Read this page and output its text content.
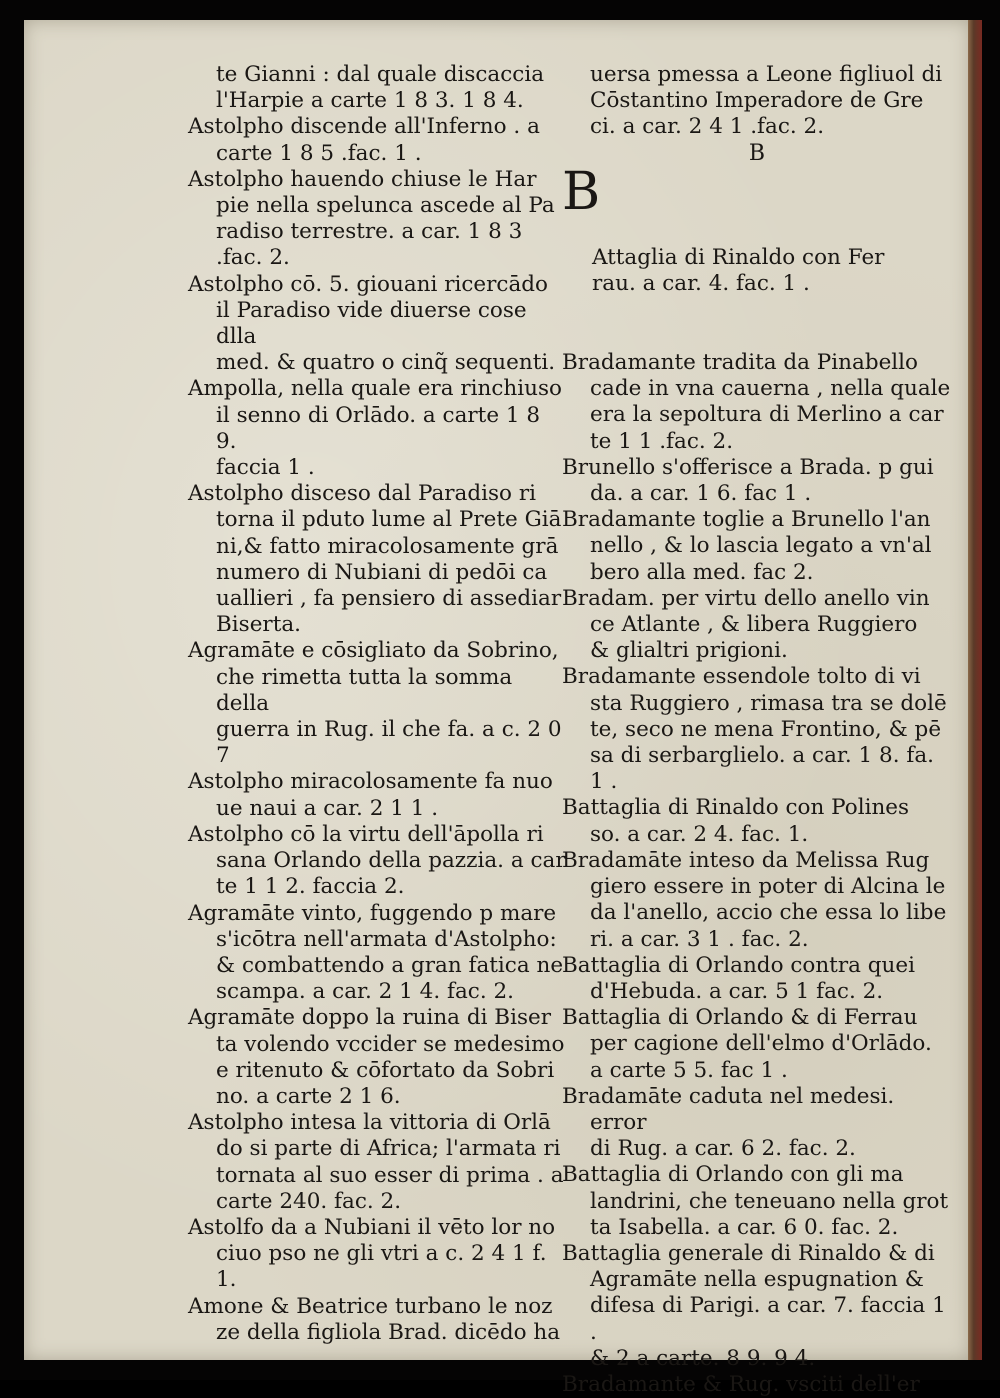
te Gianni : dal quale discaccia
l'Harpie a carte 1 8 3. 1 8 4.
Astolpho discende all'Inferno . a
carte 1 8 5 .fac. 1 .
Astolpho hauendo chiuse le Har
pie nella spelunca ascede al Pa
radiso terrestre. a car. 1 8 3 .fac. 2.
Astolpho cō. 5. giouani ricercādo
il Paradiso vide diuerse cose dlla
med. & quatro o cinq̃ sequenti.
Ampolla, nella quale era rinchiuso
il senno di Orlādo. a carte 1 8 9.
faccia 1 .
Astolpho disceso dal Paradiso ri
torna il pduto lume al Prete Giā
ni,& fatto miracolosamente grā
numero di Nubiani di pedōi ca
uallieri , fa pensiero di assediar
Biserta.
Agramāte e cōsigliato da Sobrino,
che rimetta tutta la somma della
guerra in Rug. il che fa. a c. 2 0 7
Astolpho miracolosamente fa nuo
ue naui a car. 2 1 1 .
Astolpho cō la virtu dell'āpolla ri
sana Orlando della pazzia. a car
te 1 1 2. faccia 2.
Agramāte vinto, fuggendo p mare
s'icōtra nell'armata d'Astolpho:
& combattendo a gran fatica ne
scampa. a car. 2 1 4. fac. 2.
Agramāte doppo la ruina di Biser
ta volendo vccider se medesimo
e ritenuto & cōfortato da Sobri
no. a carte 2 1 6.
Astolpho intesa la vittoria di Orlā
do si parte di Africa; l'armata ri
tornata al suo esser di prima . a
carte 240. fac. 2.
Astolfo da a Nubiani il vēto lor no
ciuo pso ne gli vtri a c. 2 4 1 f. 1.
Amone & Beatrice turbano le noz
ze della figliola Brad. dicēdo ha
uersa pmessa a Leone figliuol di
Cōstantino Imperadore de Gre
ci. a car. 2 4 1 .fac. 2.
B

B

Attaglia di Rinaldo con Fer
rau. a car. 4. fac. 1 .

Bradamante tradita da Pinabello
cade in vna cauerna , nella quale
era la sepoltura di Merlino a car
te 1 1 .fac. 2.
Brunello s'offerisce a Brada. p gui
da. a car. 1 6. fac 1 .
Bradamante toglie a Brunello l'an
nello , & lo lascia legato a vn'al
bero alla med. fac 2.
Bradam. per virtu dello anello vin
ce Atlante , & libera Ruggiero
& glialtri prigioni.
Bradamante essendole tolto di vi
sta Ruggiero , rimasa tra se dolē
te, seco ne mena Frontino, & pē
sa di serbarglielo. a car. 1 8. fa. 1 .
Battaglia di Rinaldo con Polines
so. a car. 2 4. fac. 1.
Bradamāte inteso da Melissa Rug
giero essere in poter di Alcina le
da l'anello, accio che essa lo libe
ri. a car. 3 1 . fac. 2.
Battaglia di Orlando contra quei
d'Hebuda. a car. 5 1 fac. 2.
Battaglia di Orlando & di Ferrau
per cagione dell'elmo d'Orlādo.
a carte 5 5. fac 1 .
Bradamāte caduta nel medesi. error
di Rug. a car. 6 2. fac. 2.
Battaglia di Orlando con gli ma
landrini, che teneuano nella grot
ta Isabella. a car. 6 0. fac. 2.
Battaglia generale di Rinaldo & di
Agramāte nella espugnation &
difesa di Parigi. a car. 7. faccia 1 .
& 2 a carte. 8 9. 9 4.
Bradamante & Rug. vsciti dell'er
